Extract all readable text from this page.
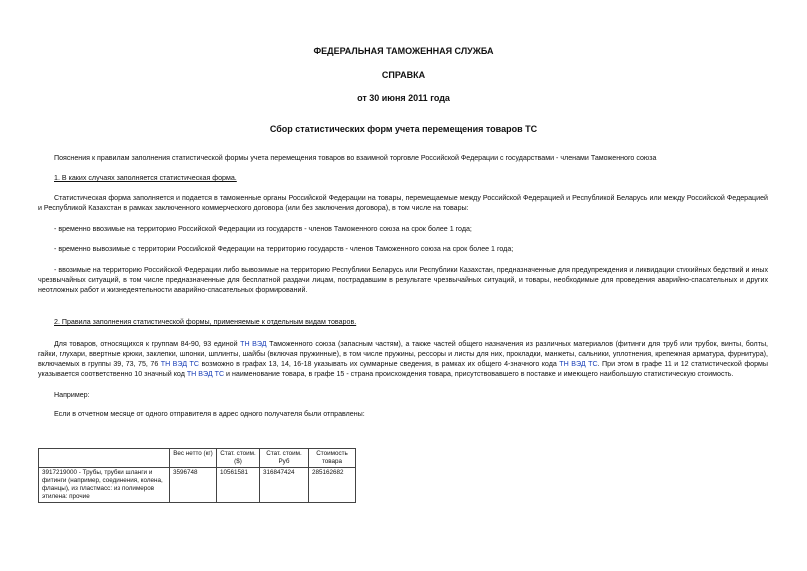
ФЕДЕРАЛЬНАЯ ТАМОЖЕННАЯ СЛУЖБА
СПРАВКА
от 30 июня 2011 года
Сбор статистических форм учета перемещения товаров ТС
Пояснения к правилам заполнения статистической формы учета перемещения товаров во взаимной торговле Российской Федерации с государствами - членами Таможенного союза
1. В каких случаях заполняется статистическая форма.
Статистическая форма заполняется и подается в таможенные органы Российской Федерации на товары, перемещаемые между Российской Федерацией и Республикой Беларусь или между Российской Федерацией и Республикой Казахстан в рамках заключенного коммерческого договора (или без заключения договора), в том числе на товары:
- временно ввозимые на территорию Российской Федерации из государств - членов Таможенного союза на срок более 1 года;
- временно вывозимые с территории Российской Федерации на территорию государств - членов Таможенного союза на срок более 1 года;
- ввозимые на территорию Российской Федерации либо вывозимые на территорию Республики Беларусь или Республики Казахстан, предназначенные для предупреждения и ликвидации стихийных бедствий и иных чрезвычайных ситуаций, в том числе предназначенные для бесплатной раздачи лицам, пострадавшим в результате чрезвычайных ситуаций, и товары, необходимые для проведения аварийно-спасательных и других неотложных работ и жизнедеятельности аварийно-спасательных формирований.
2. Правила заполнения статистической формы, применяемые к отдельным видам товаров.
Для товаров, относящихся к группам 84-90, 93 единой ТН ВЭД Таможенного союза (запасным частям), а также частей общего назначения из различных материалов (фитинги для труб или трубок, винты, болты, гайки, глухари, ввертные крюки, заклепки, шпонки, шплинты, шайбы (включая пружинные), в том числе пружины, рессоры и листы для них, прокладки, манжеты, сальники, уплотнения, крепежная арматура, фурнитура), включаемых в группы 39, 73, 75, 76 ТН ВЭД ТС возможно в графах 13, 14, 16-18 указывать их суммарные сведения, в рамках их общего 4-значного кода ТН ВЭД ТС. При этом в графе 11 и 12 статистической формы указывается соответственно 10 значный код ТН ВЭД ТС и наименование товара, в графе 15 - страна происхождения товара, присутствовавшего в поставке и имеющего наибольшую статистическую стоимость.
Например:
Если в отчетном месяце от одного отправителя в адрес одного получателя были отправлены:
	Вес нетто (кг)	Стат. стоим. ($)	Стат. стоим. Руб	Стоимость товара
3917219000 - Трубы, трубки шланги и фитинги (например, соединения, колена, фланцы), из пластмасс: из полимеров этилена: прочие	3596748	10561581	316847424	285162682
